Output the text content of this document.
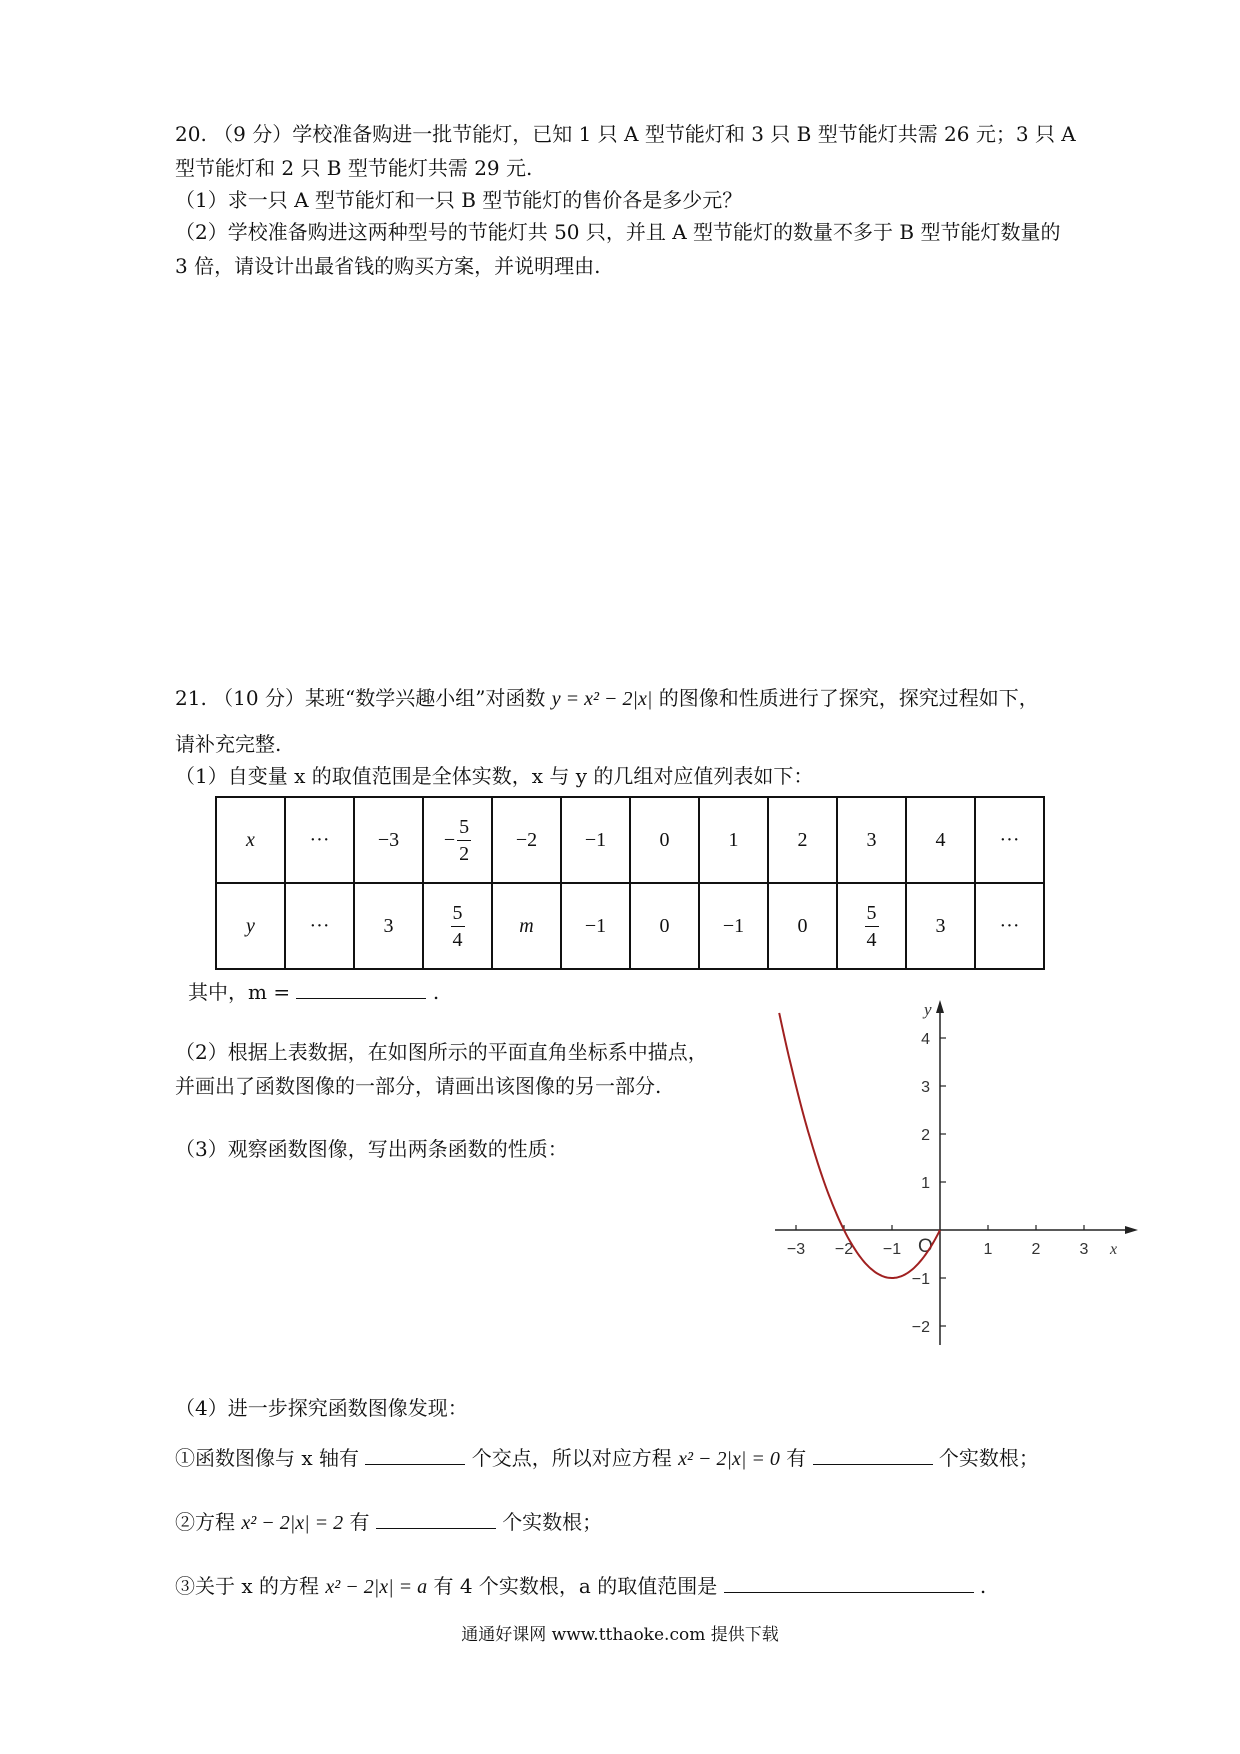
20. （9 分）学校准备购进一批节能灯，已知 1 只 A 型节能灯和 3 只 B 型节能灯共需 26 元；3 只 A
型节能灯和 2 只 B 型节能灯共需 29 元.
（1）求一只 A 型节能灯和一只 B 型节能灯的售价各是多少元？
（2）学校准备购进这两种型号的节能灯共 50 只，并且 A 型节能灯的数量不多于 B 型节能灯数量的
3 倍，请设计出最省钱的购买方案，并说明理由.
21. （10 分）某班“数学兴趣小组”对函数 y = x² − 2|x| 的图像和性质进行了探究，探究过程如下，
请补充完整.
（1）自变量 x 的取值范围是全体实数，x 与 y 的几组对应值列表如下：
x	···	−3	− $\frac{5}{2}$	−2	−1	0	1	2	3	4	···
y	···	3	$\frac{5}{4}$	m	−1	0	−1	0	$\frac{5}{4}$	3	···
其中，m =	.
（2）根据上表数据，在如图所示的平面直角坐标系中描点，
并画出了函数图像的一部分，请画出该图像的另一部分.
（3）观察函数图像，写出两条函数的性质：
x
y
O
−3 −2 −1	1 2 3
4
3
2
1
−1
−2
（4）进一步探究函数图像发现：
①函数图像与 x 轴有	个交点，所以对应方程 x² − 2|x| = 0 有	个实数根；
②方程 x² − 2|x| = 2 有	个实数根；
③关于 x 的方程 x² − 2|x| = a 有 4 个实数根，a 的取值范围是	.
通通好课网 www.tthaoke.com 提供下载
